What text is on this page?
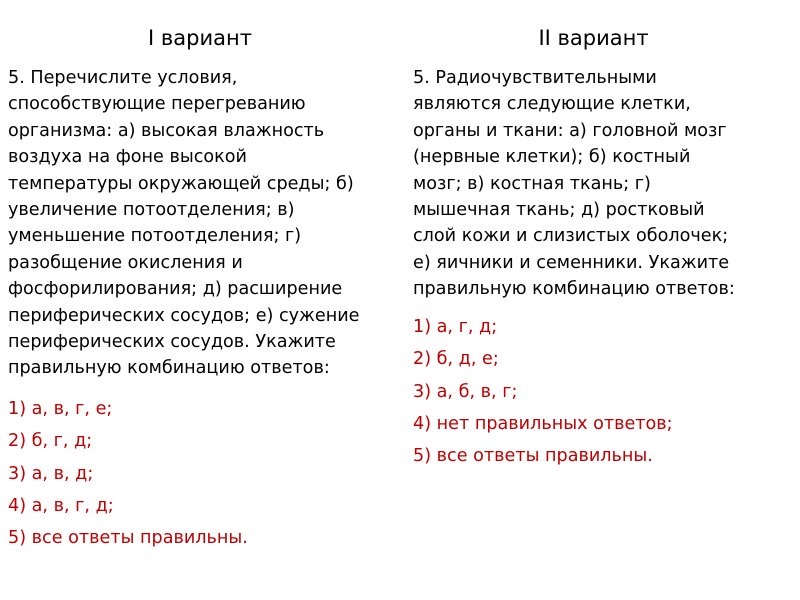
I вариант
5. Перечислите условия,
способствующие перегреванию
организма: а) высокая влажность
воздуха на фоне высокой
температуры окружающей среды; б)
увеличение потоотделения; в)
уменьшение потоотделения; г)
разобщение окисления и
фосфорилирования; д) расширение
периферических сосудов; е) сужение
периферических сосудов. Укажите
правильную комбинацию ответов:
1) а, в, г, е;
2) б, г, д;
3) а, в, д;
4) а, в, г, д;
5) все ответы правильны.
II вариант
5. Радиочувствительными
являются следующие клетки,
органы и ткани: а) головной мозг
(нервные клетки); б) костный
мозг; в) костная ткань; г)
мышечная ткань; д) ростковый
слой кожи и слизистых оболочек;
е) яичники и семенники. Укажите
правильную комбинацию ответов:
1) а, г, д;
2) б, д, е;
3) а, б, в, г;
4) нет правильных ответов;
5) все ответы правильны.
